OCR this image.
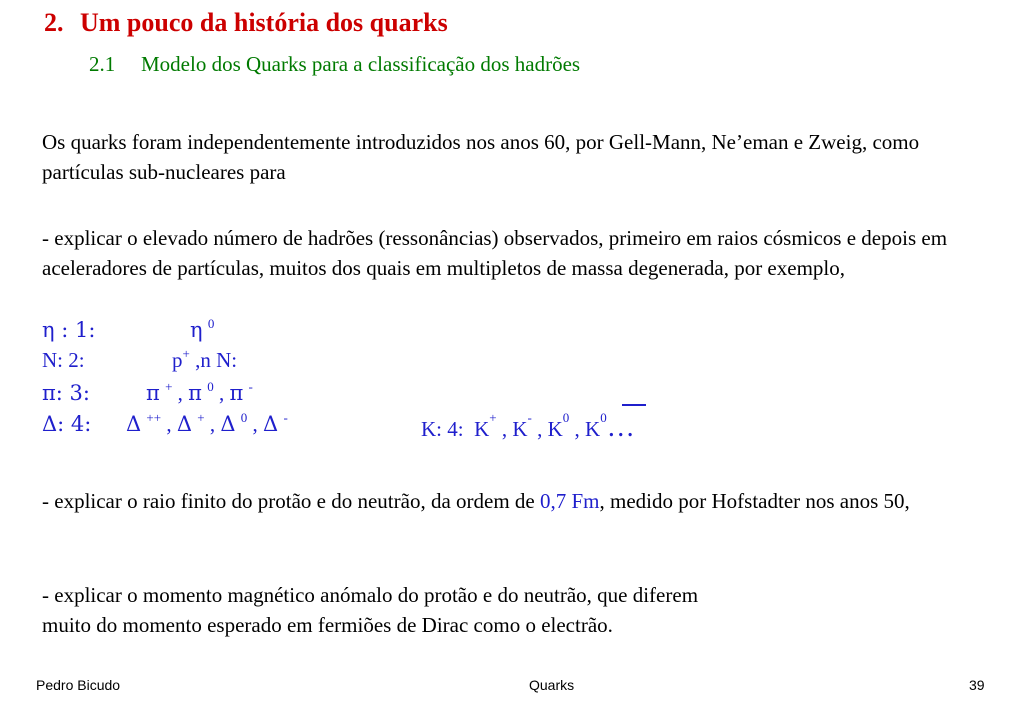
2. Um pouco da história dos quarks
2.1 Modelo dos Quarks para a classificação dos hadrões
Os quarks foram independentemente introduzidos nos anos 60, por Gell-Mann, Ne’eman e Zweig, como partículas sub-nucleares para
- explicar o elevado número de hadrões (ressonâncias) observados, primeiro em raios cósmicos e depois em aceleradores de partículas, muitos dos quais em multipletos de massa degenerada, por exemplo,
η : 1:	η $^0$
N: 2:	p+ ,n N:
π: 3:	π + , π $^0$ , π -
Δ: 4: Δ ++ , Δ + , Δ $^0$ , Δ -	K: 4: K+ , K- , $K^0$ , $K^0\dots$
- explicar o raio finito do protão e do neutrão, da ordem de 0,7 Fm, medido por Hofstadter nos anos 50,
- explicar o momento magnético anómalo do protão e do neutrão, que diferem
muito do momento esperado em fermiões de Dirac como o electrão.
Pedro Bicudo	Quarks	39
